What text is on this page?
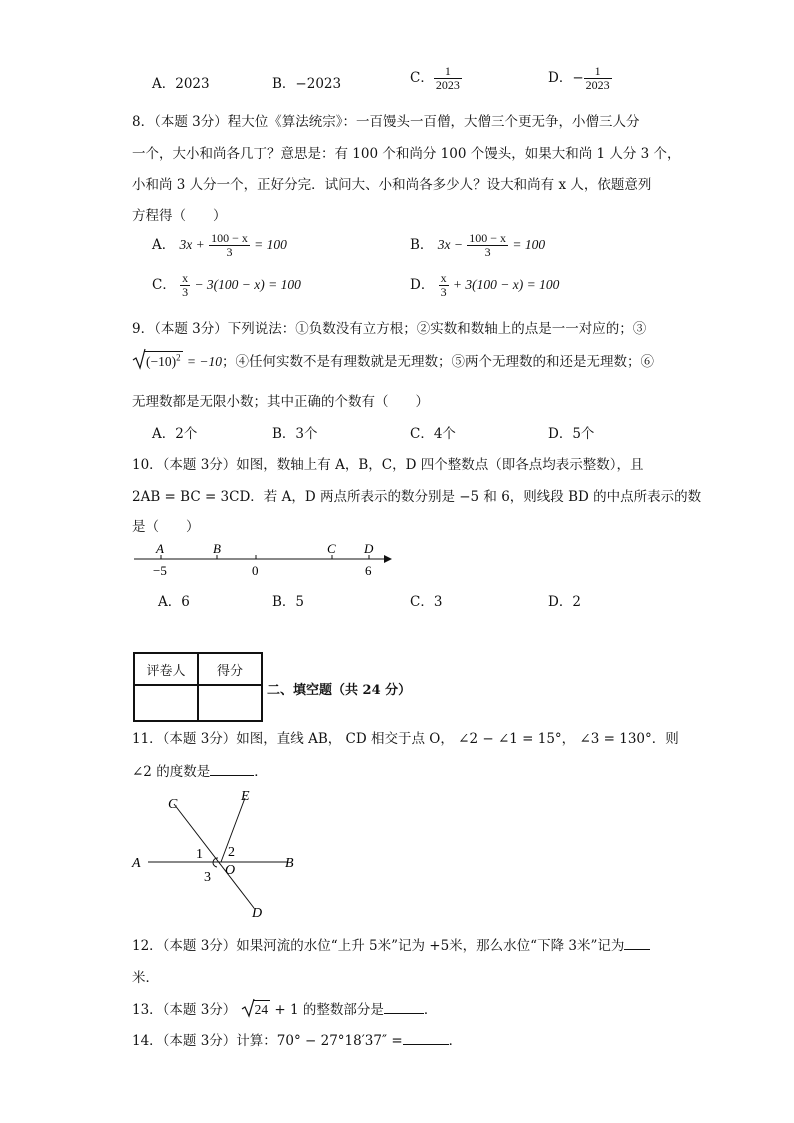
A．2023	B．−2023	C． $\frac{1}{2023}$	D．− $\frac{1}{2023}$
8．（本题 3分）程大位《算法统宗》：一百馒头一百僧，大僧三个更无争，小僧三人分
一个，大小和尚各几丁？意思是：有 100 个和尚分 100 个馒头，如果大和尚 1 人分 3 个，
小和尚 3 人分一个，正好分完．试问大、小和尚各多少人？设大和尚有 x 人，依题意列
方程得（　　）
A． $3x + \frac{100 - x}{3} = 100$	B． $3x - \frac{100 - x}{3} = 100$
C． $\frac{x}{3} - 3(100 - x) = 100$	D． $\frac{x}{3} + 3(100 - x) = 100$
9．（本题 3分）下列说法：①负数没有立方根；②实数和数轴上的点是一一对应的；③
$(-10)^2 = -10$；④任何实数不是有理数就是无理数；⑤两个无理数的和还是无理数；⑥
无理数都是无限小数；其中正确的个数有（　　）
A．2个	B．3个	C．4个	D．5个
10．（本题 3分）如图，数轴上有 A，B，C，D 四个整数点（即各点均表示整数），且
2AB = BC = 3CD．若 A，D 两点所表示的数分别是 −5 和 6，则线段 BD 的中点所表示的数
是（　　）
A	B	C D
−5	0	6
A．6	B．5	C．3	D．2
评卷人	得分

二、填空题（共 24 分）
11．（本题 3分）如图，直线 AB， CD 相交于点 O， ∠2 − ∠1 = 15°， ∠3 = 130°．则
∠2 的度数是	．
C
E
A	B
D
O
1 2
3
12．（本题 3分）如果河流的水位“上升 5米”记为 +5米，那么水位“下降 3米”记为
米．
13．（本题 3分） 24 + 1 的整数部分是	．
14．（本题 3分）计算：70° − 27°18′37″ =	．
